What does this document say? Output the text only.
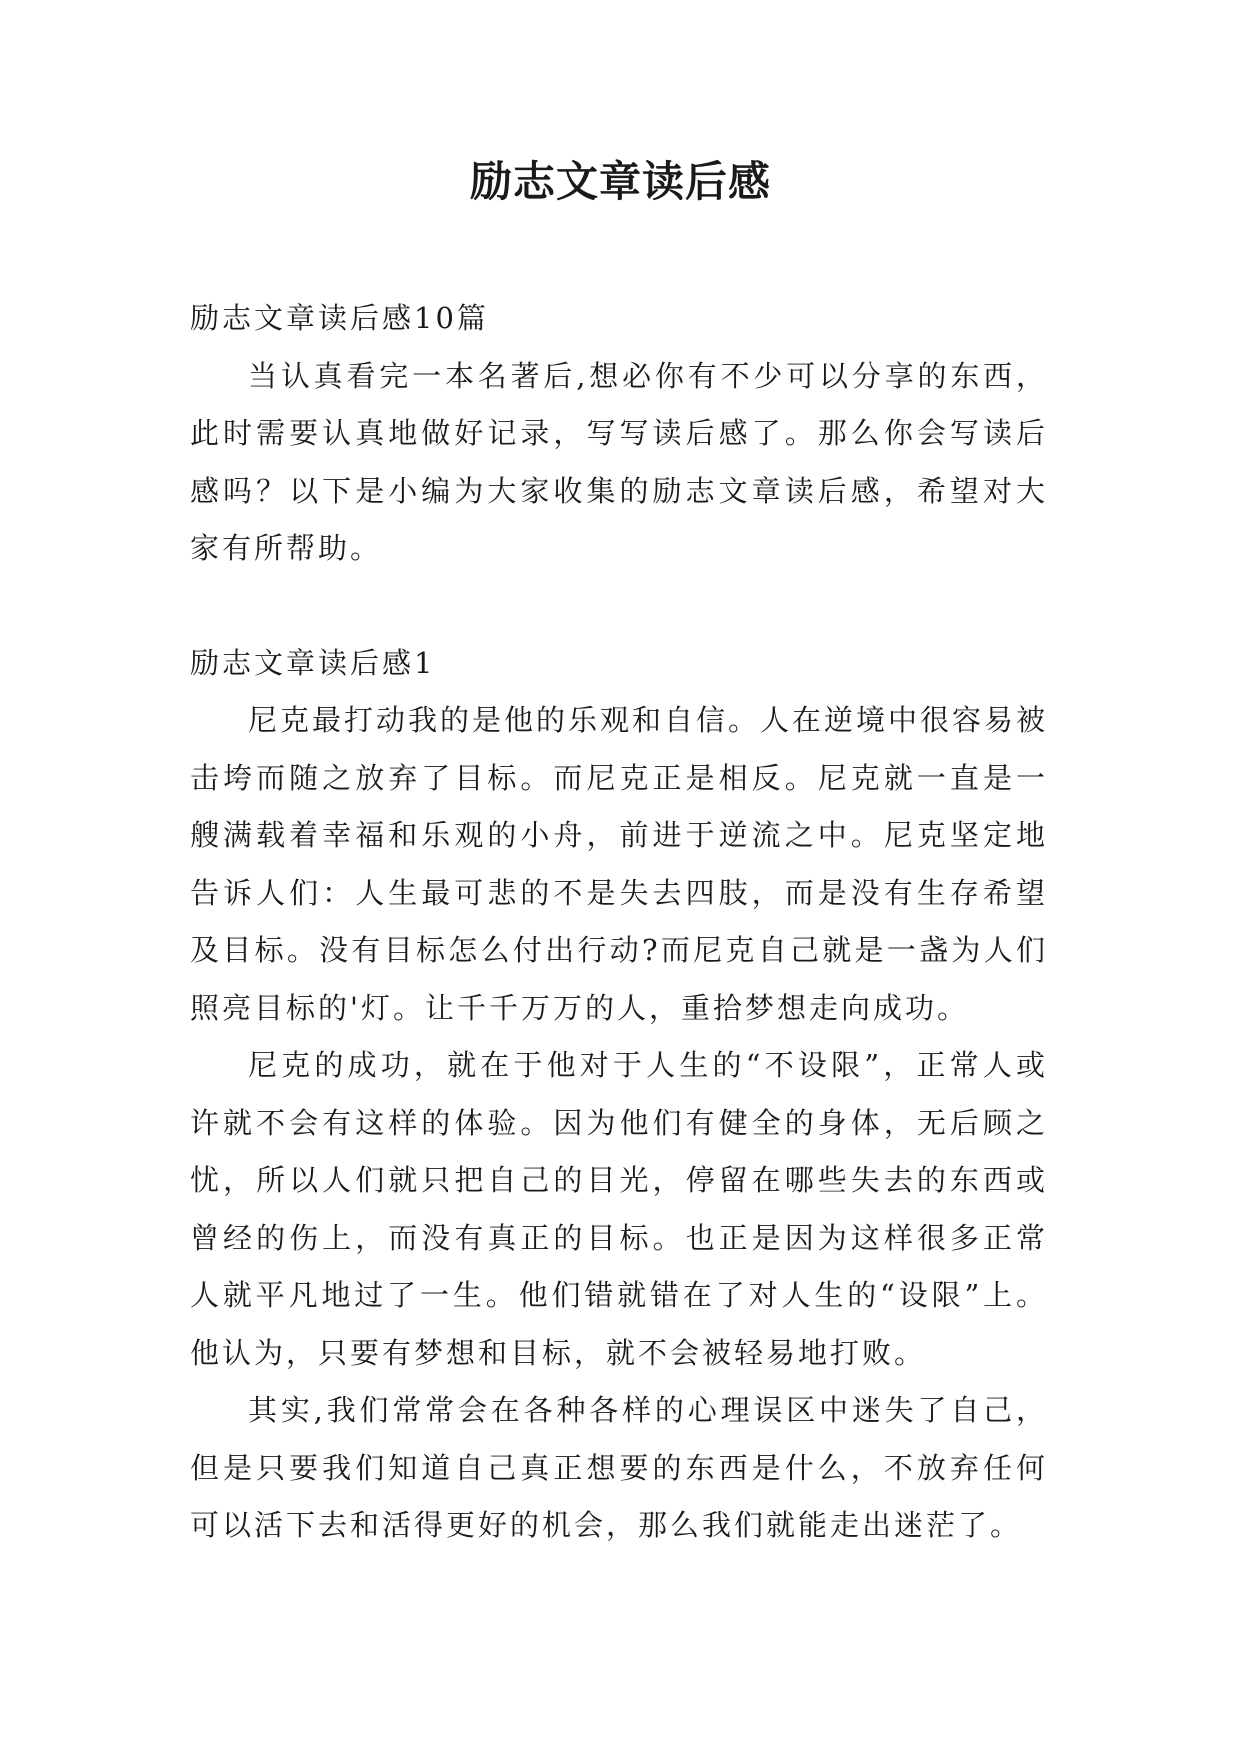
励志文章读后感

励志文章读后感10篇

当认真看完一本名著后,想必你有不少可以分享的东西，此时需要认真地做好记录，写写读后感了。那么你会写读后感吗？以下是小编为大家收集的励志文章读后感，希望对大家有所帮助。

励志文章读后感1

尼克最打动我的是他的乐观和自信。人在逆境中很容易被击垮而随之放弃了目标。而尼克正是相反。尼克就一直是一艘满载着幸福和乐观的小舟，前进于逆流之中。尼克坚定地告诉人们：人生最可悲的不是失去四肢，而是没有生存希望及目标。没有目标怎么付出行动?而尼克自己就是一盏为人们照亮目标的'灯。让千千万万的人，重拾梦想走向成功。

尼克的成功，就在于他对于人生的“不设限”，正常人或许就不会有这样的体验。因为他们有健全的身体，无后顾之忧，所以人们就只把自己的目光，停留在哪些失去的东西或曾经的伤上，而没有真正的目标。也正是因为这样很多正常人就平凡地过了一生。他们错就错在了对人生的“设限”上。他认为，只要有梦想和目标，就不会被轻易地打败。

其实,我们常常会在各种各样的心理误区中迷失了自己，但是只要我们知道自己真正想要的东西是什么，不放弃任何可以活下去和活得更好的机会，那么我们就能走出迷茫了。
